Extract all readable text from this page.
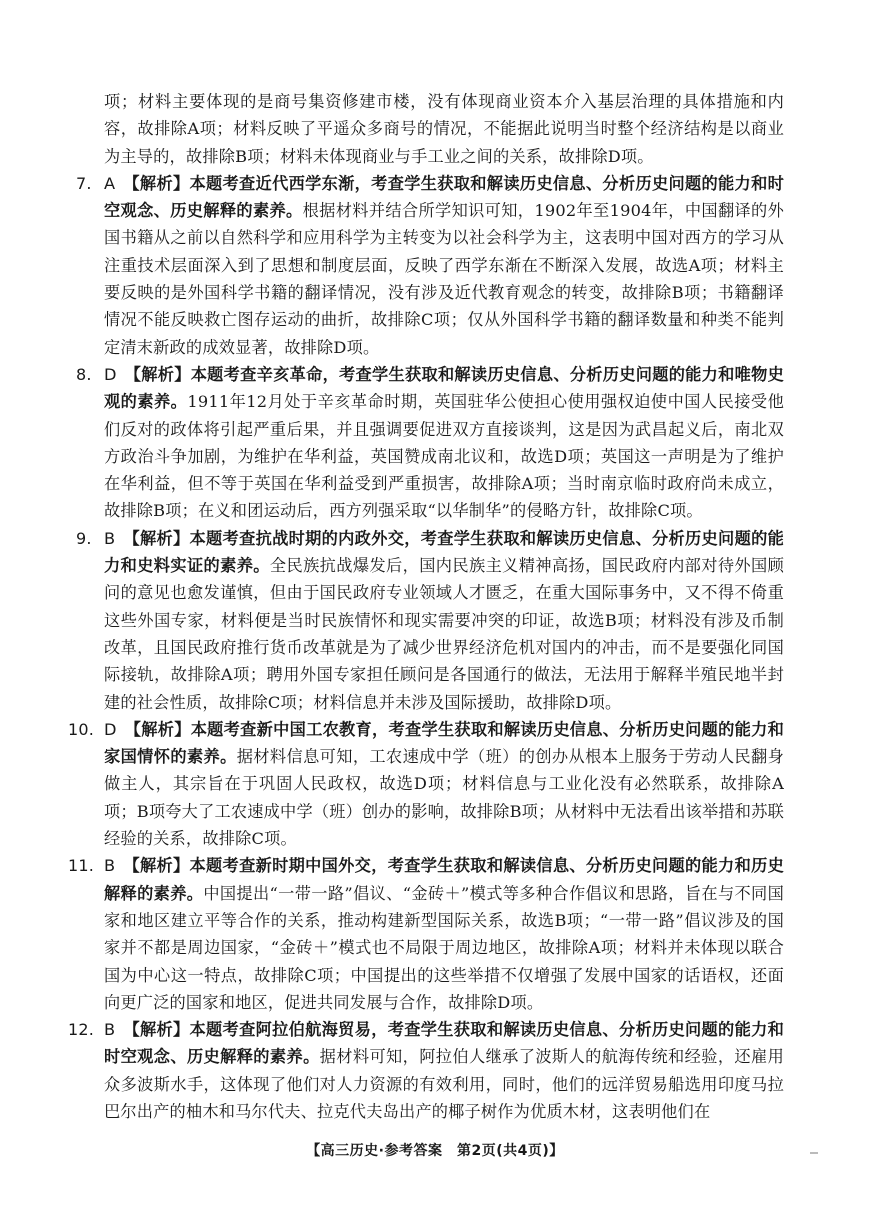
项；材料主要体现的是商号集资修建市楼，没有体现商业资本介入基层治理的具体措施和内容，故排除A项；材料反映了平遥众多商号的情况，不能据此说明当时整个经济结构是以商业为主导的，故排除B项；材料未体现商业与手工业之间的关系，故排除D项。

7. A 【解析】本题考查近代西学东渐，考查学生获取和解读历史信息、分析历史问题的能力和时空观念、历史解释的素养。根据材料并结合所学知识可知，1902年至1904年，中国翻译的外国书籍从之前以自然科学和应用科学为主转变为以社会科学为主，这表明中国对西方的学习从注重技术层面深入到了思想和制度层面，反映了西学东渐在不断深入发展，故选A项；材料主要反映的是外国科学书籍的翻译情况，没有涉及近代教育观念的转变，故排除B项；书籍翻译情况不能反映救亡图存运动的曲折，故排除C项；仅从外国科学书籍的翻译数量和种类不能判定清末新政的成效显著，故排除D项。
8. D 【解析】本题考查辛亥革命，考查学生获取和解读历史信息、分析历史问题的能力和唯物史观的素养。1911年12月处于辛亥革命时期，英国驻华公使担心使用强权迫使中国人民接受他们反对的政体将引起严重后果，并且强调要促进双方直接谈判，这是因为武昌起义后，南北双方政治斗争加剧，为维护在华利益，英国赞成南北议和，故选D项；英国这一声明是为了维护在华利益，但不等于英国在华利益受到严重损害，故排除A项；当时南京临时政府尚未成立，故排除B项；在义和团运动后，西方列强采取“以华制华”的侵略方针，故排除C项。
9. B 【解析】本题考查抗战时期的内政外交，考查学生获取和解读历史信息、分析历史问题的能力和史料实证的素养。全民族抗战爆发后，国内民族主义精神高扬，国民政府内部对待外国顾问的意见也愈发谨慎，但由于国民政府专业领域人才匮乏，在重大国际事务中，又不得不倚重这些外国专家，材料便是当时民族情怀和现实需要冲突的印证，故选B项；材料没有涉及币制改革，且国民政府推行货币改革就是为了减少世界经济危机对国内的冲击，而不是要强化同国际接轨，故排除A项；聘用外国专家担任顾问是各国通行的做法，无法用于解释半殖民地半封建的社会性质，故排除C项；材料信息并未涉及国际援助，故排除D项。
10. D 【解析】本题考查新中国工农教育，考查学生获取和解读历史信息、分析历史问题的能力和家国情怀的素养。据材料信息可知，工农速成中学（班）的创办从根本上服务于劳动人民翻身做主人，其宗旨在于巩固人民政权，故选D项；材料信息与工业化没有必然联系，故排除A项；B项夸大了工农速成中学（班）创办的影响，故排除B项；从材料中无法看出该举措和苏联经验的关系，故排除C项。
11. B 【解析】本题考查新时期中国外交，考查学生获取和解读信息、分析历史问题的能力和历史解释的素养。中国提出“一带一路”倡议、“金砖＋”模式等多种合作倡议和思路，旨在与不同国家和地区建立平等合作的关系，推动构建新型国际关系，故选B项；“一带一路”倡议涉及的国家并不都是周边国家，“金砖＋”模式也不局限于周边地区，故排除A项；材料并未体现以联合国为中心这一特点，故排除C项；中国提出的这些举措不仅增强了发展中国家的话语权，还面向更广泛的国家和地区，促进共同发展与合作，故排除D项。
12. B 【解析】本题考查阿拉伯航海贸易，考查学生获取和解读历史信息、分析历史问题的能力和时空观念、历史解释的素养。据材料可知，阿拉伯人继承了波斯人的航海传统和经验，还雇用众多波斯水手，这体现了他们对人力资源的有效利用，同时，他们的远洋贸易船选用印度马拉巴尔出产的柚木和马尔代夫、拉克代夫岛出产的椰子树作为优质木材，这表明他们在
【高三历史·参考答案　第2页(共4页)】
